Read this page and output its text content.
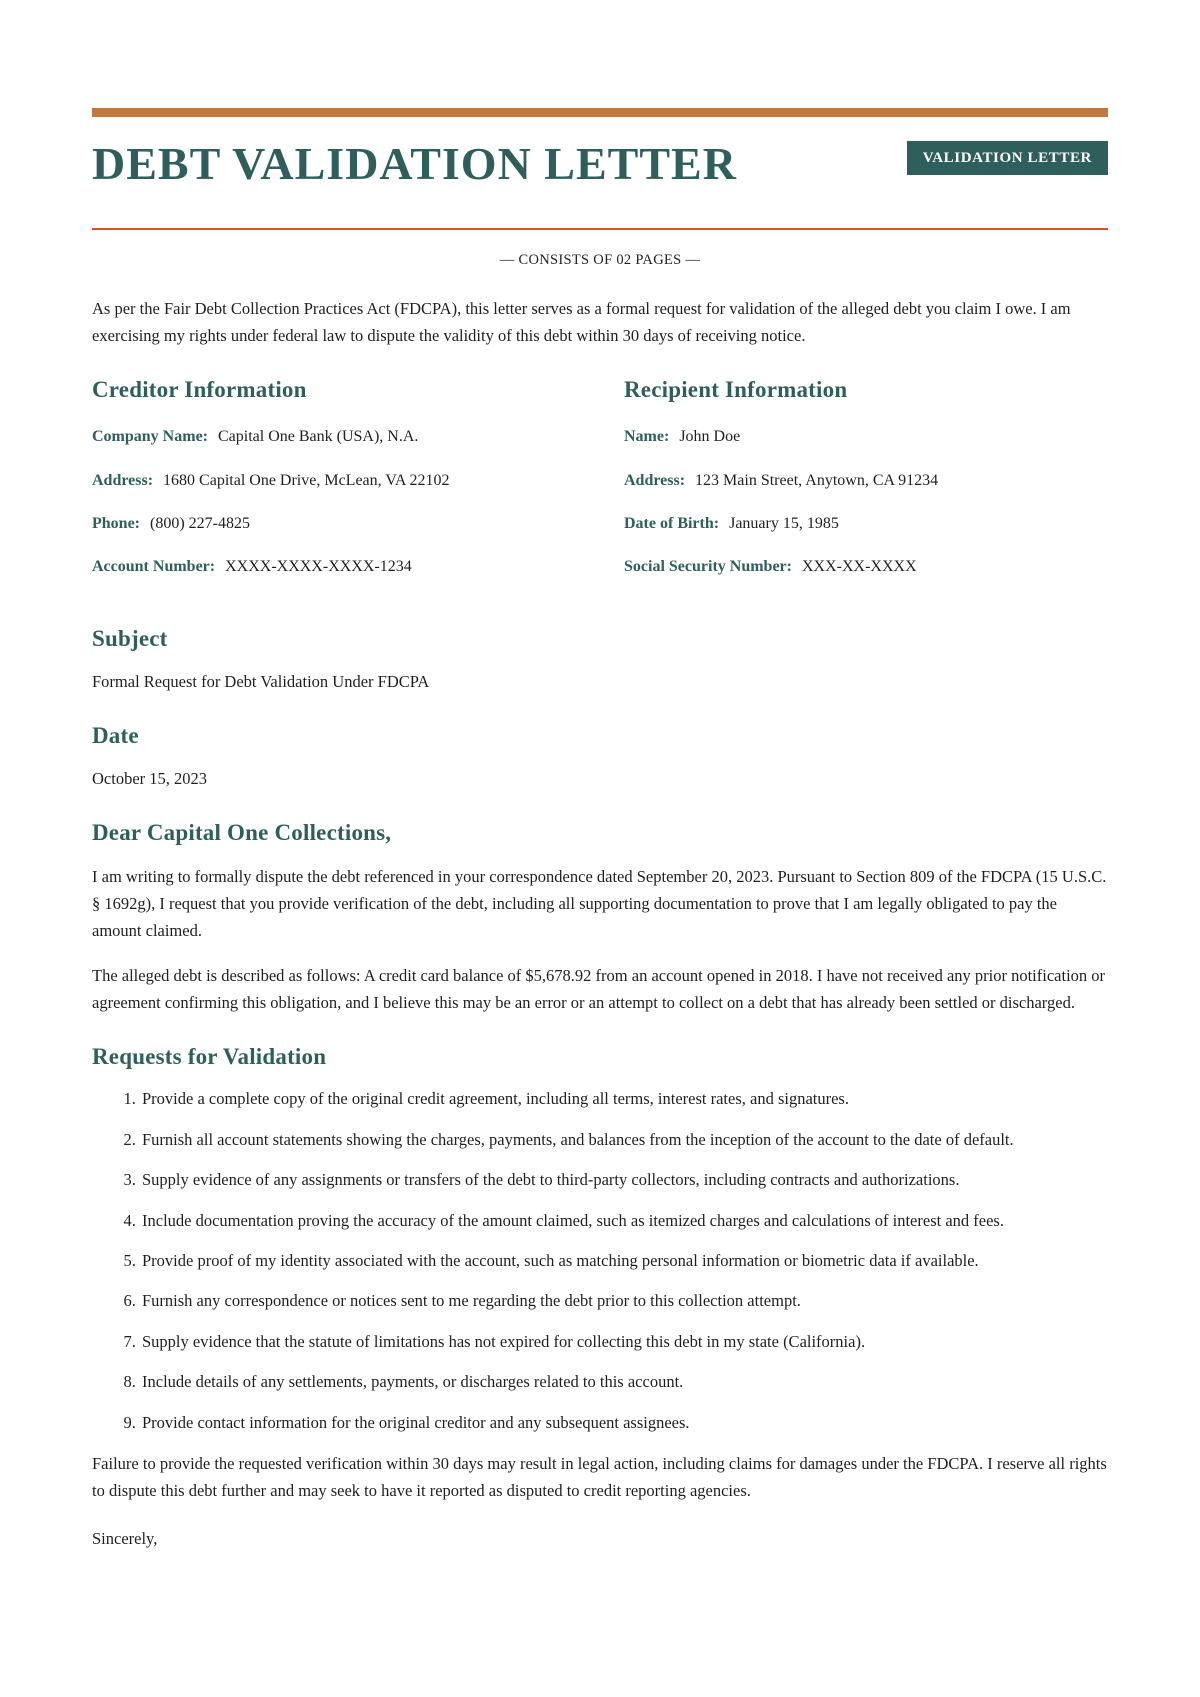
DEBT VALIDATION LETTER	VALIDATION LETTER
— CONSISTS OF 02 PAGES —

As per the Fair Debt Collection Practices Act (FDCPA), this letter serves as a formal request for validation of the alleged debt you claim I owe. I am exercising my rights under federal law to dispute the validity of this debt within 30 days of receiving notice.

Creditor Information
Company Name: Capital One Bank (USA), N.A.
Address: 1680 Capital One Drive, McLean, VA 22102
Phone: (800) 227-4825
Account Number: XXXX-XXXX-XXXX-1234
Recipient Information
Name: John Doe
Address: 123 Main Street, Anytown, CA 91234
Date of Birth: January 15, 1985
Social Security Number: XXX-XX-XXXX
Subject

Formal Request for Debt Validation Under FDCPA

Date

October 15, 2023

Dear Capital One Collections,

I am writing to formally dispute the debt referenced in your correspondence dated September 20, 2023. Pursuant to Section 809 of the FDCPA (15 U.S.C. § 1692g), I request that you provide verification of the debt, including all supporting documentation to prove that I am legally obligated to pay the amount claimed.

The alleged debt is described as follows: A credit card balance of $5,678.92 from an account opened in 2018. I have not received any prior notification or agreement confirming this obligation, and I believe this may be an error or an attempt to collect on a debt that has already been settled or discharged.

Requests for Validation
1. Provide a complete copy of the original credit agreement, including all terms, interest rates, and signatures.
2. Furnish all account statements showing the charges, payments, and balances from the inception of the account to the date of default.
3. Supply evidence of any assignments or transfers of the debt to third-party collectors, including contracts and authorizations.
4. Include documentation proving the accuracy of the amount claimed, such as itemized charges and calculations of interest and fees.
5. Provide proof of my identity associated with the account, such as matching personal information or biometric data if available.
6. Furnish any correspondence or notices sent to me regarding the debt prior to this collection attempt.
7. Supply evidence that the statute of limitations has not expired for collecting this debt in my state (California).
8. Include details of any settlements, payments, or discharges related to this account.
9. Provide contact information for the original creditor and any subsequent assignees.

Failure to provide the requested verification within 30 days may result in legal action, including claims for damages under the FDCPA. I reserve all rights to dispute this debt further and may seek to have it reported as disputed to credit reporting agencies.

Sincerely,
